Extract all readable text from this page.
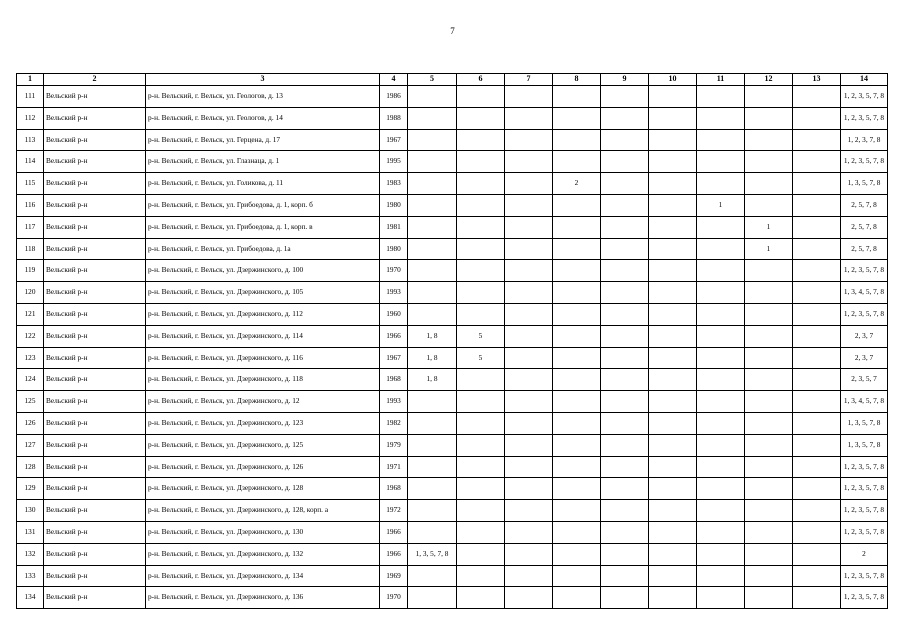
7
1	2	3	4	5	6	7	8	9	10	11	12	13	14
111	Вельский р-н	р-н. Вельский, г. Вельск, ул. Геологов, д. 13	1986										1, 2, 3, 5, 7, 8
112	Вельский р-н	р-н. Вельский, г. Вельск, ул. Геологов, д. 14	1988										1, 2, 3, 5, 7, 8
113	Вельский р-н	р-н. Вельский, г. Вельск, ул. Герцена, д. 17	1967										1, 2, 3, 7, 8
114	Вельский р-н	р-н. Вельский, г. Вельск, ул. Глазнаца, д. 1	1995										1, 2, 3, 5, 7, 8
115	Вельский р-н	р-н. Вельский, г. Вельск, ул. Голикова, д. 11	1983				2						1, 3, 5, 7, 8
116	Вельский р-н	р-н. Вельский, г. Вельск, ул. Грибоедова, д. 1, корп. б	1980							1			2, 5, 7, 8
117	Вельский р-н	р-н. Вельский, г. Вельск, ул. Грибоедова, д. 1, корп. в	1981								1		2, 5, 7, 8
118	Вельский р-н	р-н. Вельский, г. Вельск, ул. Грибоедова, д. 1а	1980								1		2, 5, 7, 8
119	Вельский р-н	р-н. Вельский, г. Вельск, ул. Дзержинского, д. 100	1970										1, 2, 3, 5, 7, 8
120	Вельский р-н	р-н. Вельский, г. Вельск, ул. Дзержинского, д. 105	1993										1, 3, 4, 5, 7, 8
121	Вельский р-н	р-н. Вельский, г. Вельск, ул. Дзержинского, д. 112	1960										1, 2, 3, 5, 7, 8
122	Вельский р-н	р-н. Вельский, г. Вельск, ул. Дзержинского, д. 114	1966	1, 8	5								2, 3, 7
123	Вельский р-н	р-н. Вельский, г. Вельск, ул. Дзержинского, д. 116	1967	1, 8	5								2, 3, 7
124	Вельский р-н	р-н. Вельский, г. Вельск, ул. Дзержинского, д. 118	1968	1, 8									2, 3, 5, 7
125	Вельский р-н	р-н. Вельский, г. Вельск, ул. Дзержинского, д. 12	1993										1, 3, 4, 5, 7, 8
126	Вельский р-н	р-н. Вельский, г. Вельск, ул. Дзержинского, д. 123	1982										1, 3, 5, 7, 8
127	Вельский р-н	р-н. Вельский, г. Вельск, ул. Дзержинского, д. 125	1979										1, 3, 5, 7, 8
128	Вельский р-н	р-н. Вельский, г. Вельск, ул. Дзержинского, д. 126	1971										1, 2, 3, 5, 7, 8
129	Вельский р-н	р-н. Вельский, г. Вельск, ул. Дзержинского, д. 128	1968										1, 2, 3, 5, 7, 8
130	Вельский р-н	р-н. Вельский, г. Вельск, ул. Дзержинского, д. 128, корп. а	1972										1, 2, 3, 5, 7, 8
131	Вельский р-н	р-н. Вельский, г. Вельск, ул. Дзержинского, д. 130	1966										1, 2, 3, 5, 7, 8
132	Вельский р-н	р-н. Вельский, г. Вельск, ул. Дзержинского, д. 132	1966	1, 3, 5, 7, 8									2
133	Вельский р-н	р-н. Вельский, г. Вельск, ул. Дзержинского, д. 134	1969										1, 2, 3, 5, 7, 8
134	Вельский р-н	р-н. Вельский, г. Вельск, ул. Дзержинского, д. 136	1970										1, 2, 3, 5, 7, 8
